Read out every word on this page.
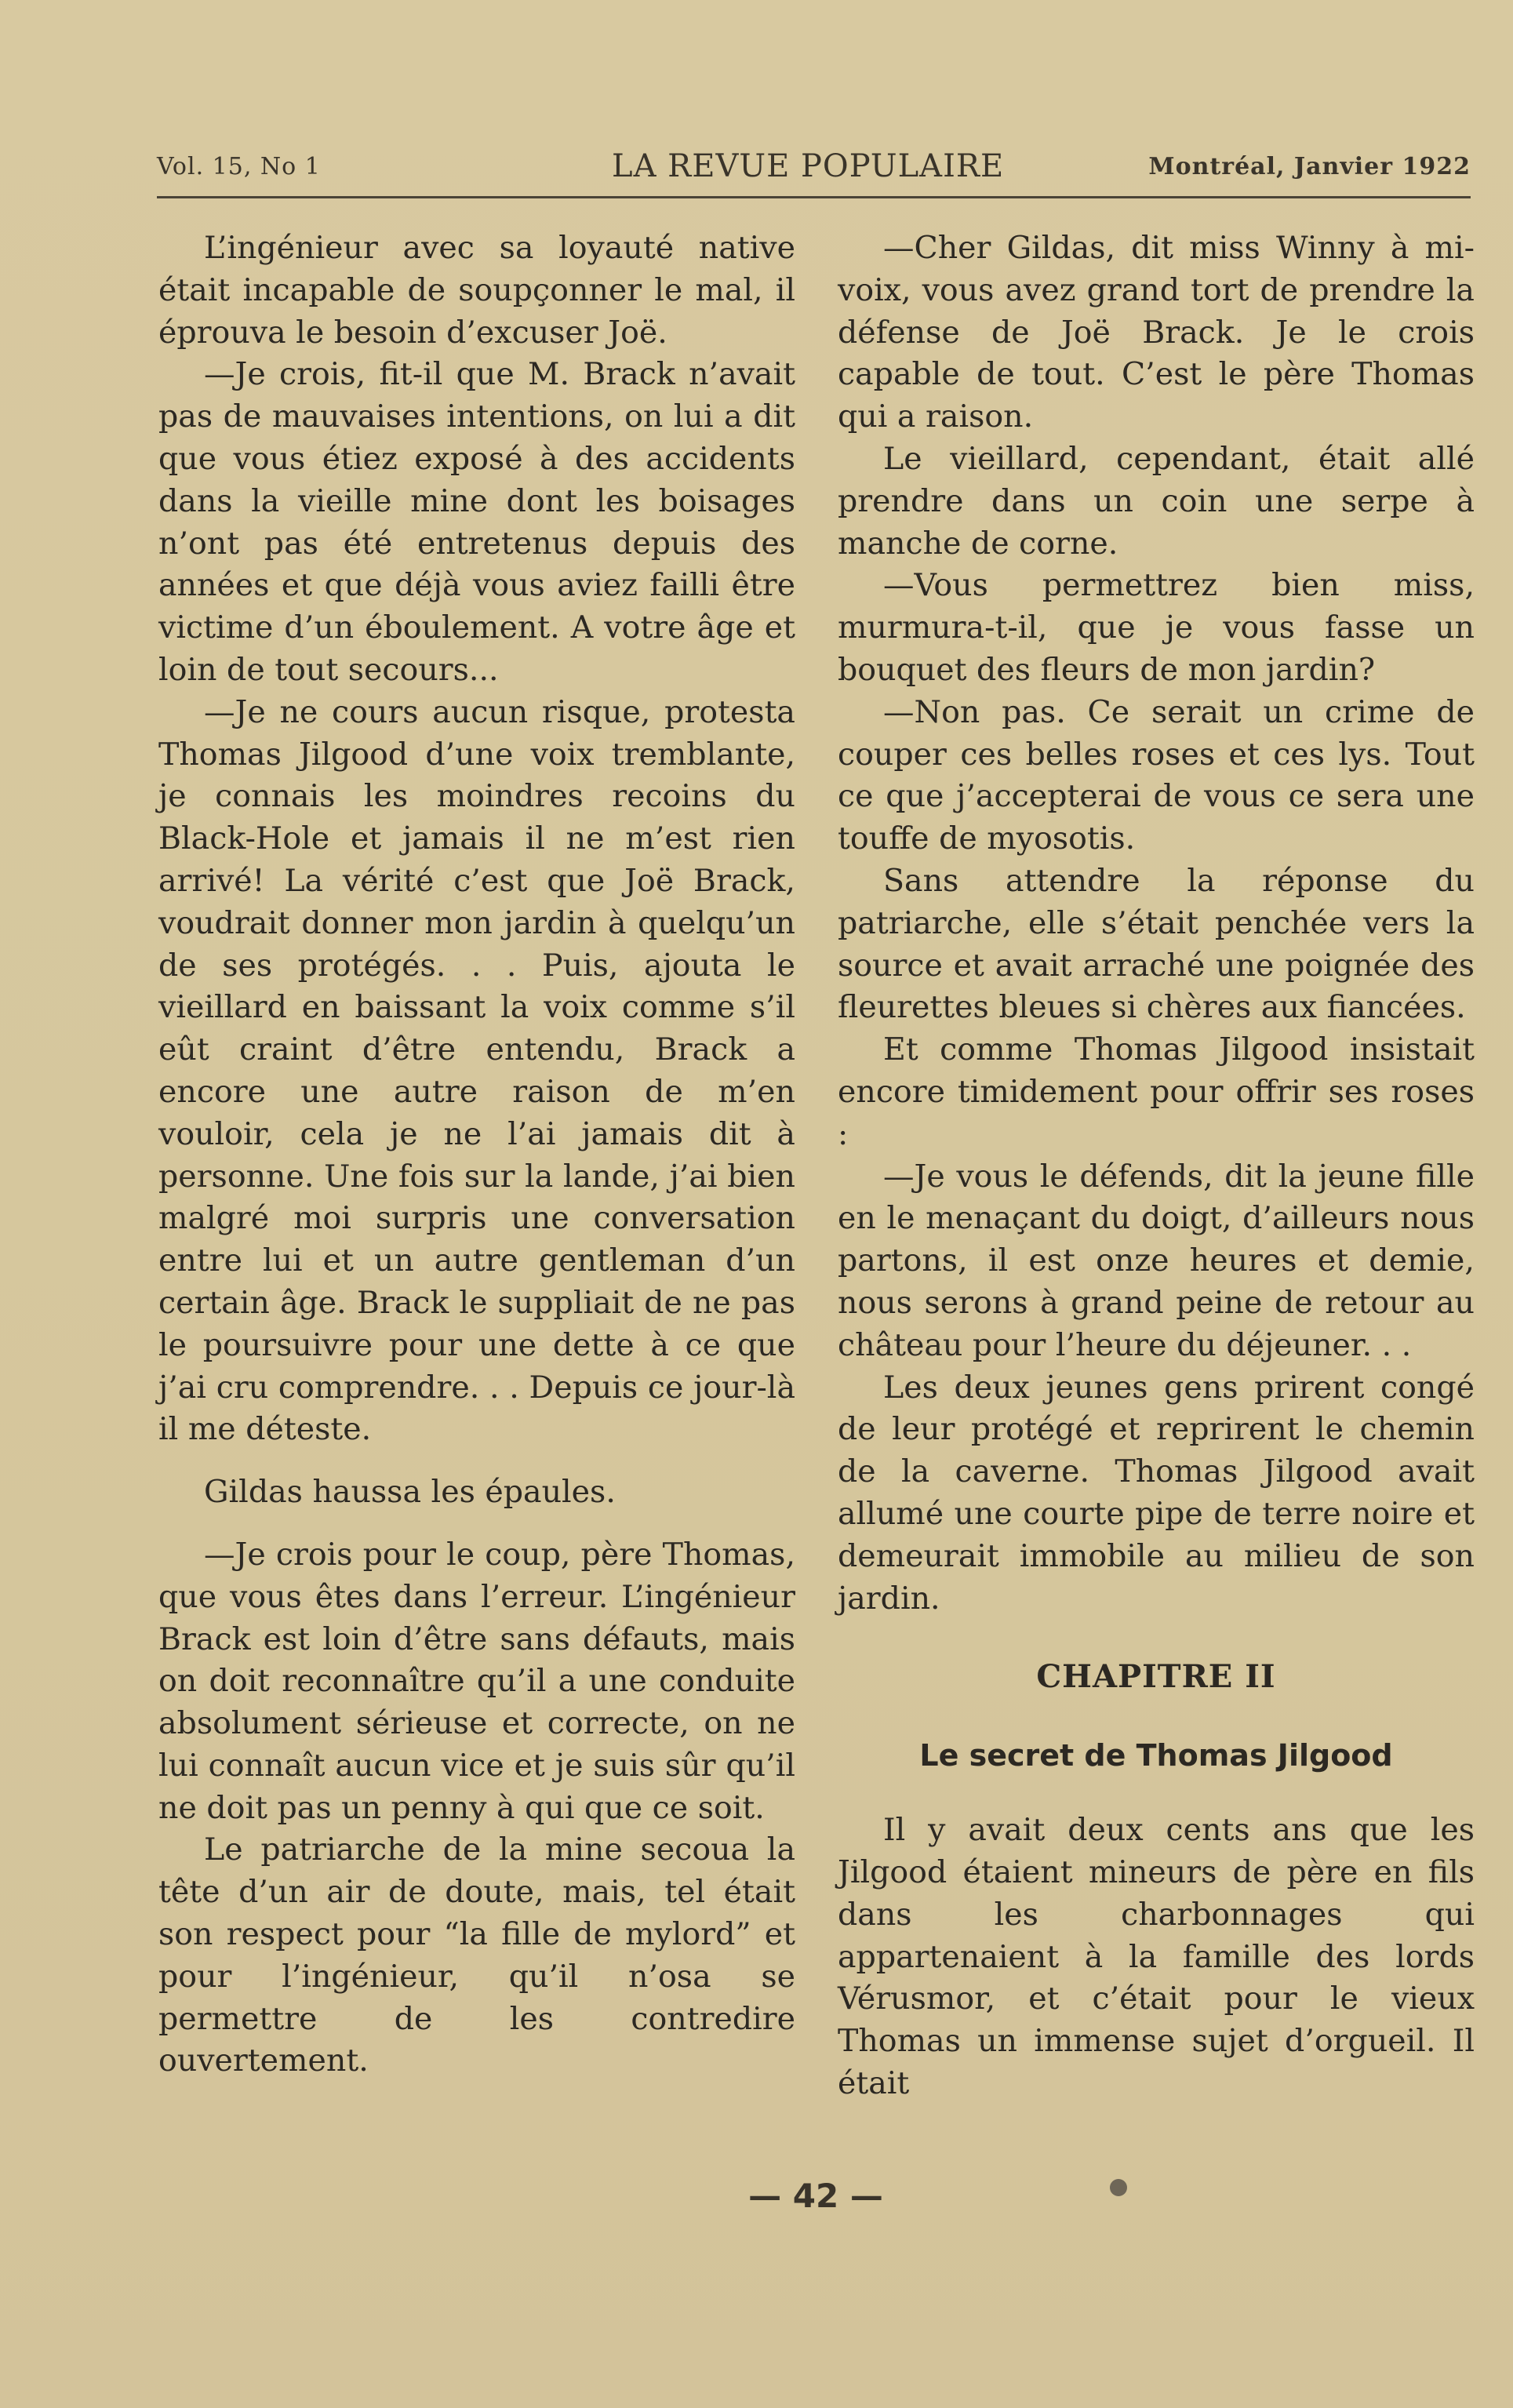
Vol. 15, No 1	LA REVUE POPULAIRE	Montréal, Janvier 1922

L’ingénieur avec sa loyauté native était incapable de soupçonner le mal, il éprouva le besoin d’excuser Joë.

—Je crois, fit-il que M. Brack n’avait pas de mauvaises intentions, on lui a dit que vous étiez exposé à des accidents dans la vieille mine dont les boisages n’ont pas été entretenus depuis des années et que déjà vous aviez failli être victime d’un éboulement. A votre âge et loin de tout secours...

—Je ne cours aucun risque, protesta Thomas Jilgood d’une voix tremblante, je connais les moindres recoins du Black-Hole et jamais il ne m’est rien arrivé! La vérité c’est que Joë Brack, voudrait donner mon jardin à quelqu’un de ses protégés. . . Puis, ajouta le vieillard en baissant la voix comme s’il eût craint d’être entendu, Brack a encore une autre raison de m’en vouloir, cela je ne l’ai jamais dit à personne. Une fois sur la lande, j’ai bien malgré moi surpris une conversation entre lui et un autre gentleman d’un certain âge. Brack le suppliait de ne pas le poursuivre pour une dette à ce que j’ai cru comprendre. . . Depuis ce jour-là il me déteste.

Gildas haussa les épaules.

—Je crois pour le coup, père Thomas, que vous êtes dans l’erreur. L’ingénieur Brack est loin d’être sans défauts, mais on doit reconnaître qu’il a une conduite absolument sérieuse et correcte, on ne lui connaît aucun vice et je suis sûr qu’il ne doit pas un penny à qui que ce soit.

Le patriarche de la mine secoua la tête d’un air de doute, mais, tel était son respect pour “la fille de mylord” et pour l’ingénieur, qu’il n’osa se permettre de les contredire ouvertement.

—Cher Gildas, dit miss Winny à mi-voix, vous avez grand tort de prendre la défense de Joë Brack. Je le crois capable de tout. C’est le père Thomas qui a raison.

Le vieillard, cependant, était allé prendre dans un coin une serpe à manche de corne.

—Vous permettrez bien miss, murmura-t-il, que je vous fasse un bouquet des fleurs de mon jardin?

—Non pas. Ce serait un crime de couper ces belles roses et ces lys. Tout ce que j’accepterai de vous ce sera une touffe de myosotis.

Sans attendre la réponse du patriarche, elle s’était penchée vers la source et avait arraché une poignée des fleurettes bleues si chères aux fiancées.

Et comme Thomas Jilgood insistait encore timidement pour offrir ses roses :

—Je vous le défends, dit la jeune fille en le menaçant du doigt, d’ailleurs nous partons, il est onze heures et demie, nous serons à grand peine de retour au château pour l’heure du déjeuner. . .

Les deux jeunes gens prirent congé de leur protégé et reprirent le chemin de la caverne. Thomas Jilgood avait allumé une courte pipe de terre noire et demeurait immobile au milieu de son jardin.

CHAPITRE II
Le secret de Thomas Jilgood

Il y avait deux cents ans que les Jilgood étaient mineurs de père en fils dans les charbonnages qui appartenaient à la famille des lords Vérusmor, et c’était pour le vieux Thomas un immense sujet d’orgueil. Il était

— 42 —
